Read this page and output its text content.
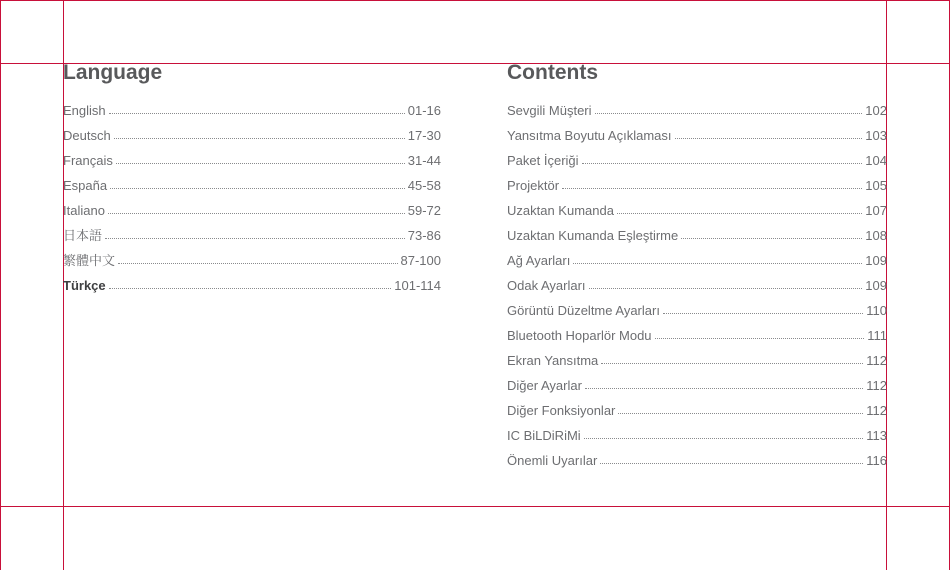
Language
English	01-16
Deutsch	17-30
Français	31-44
España	45-58
Italiano	59-72
日本語	73-86
繁體中文	87-100
Türkçe	101-114
Contents
Sevgili Müşteri	102
Yansıtma Boyutu Açıklaması	103
Paket İçeriği	104
Projektör	105
Uzaktan Kumanda	107
Uzaktan Kumanda Eşleştirme	108
Ağ Ayarları	109
Odak Ayarları	109
Görüntü Düzeltme Ayarları	110
Bluetooth Hoparlör Modu	111
Ekran Yansıtma	112
Diğer Ayarlar	112
Diğer Fonksiyonlar	112
IC BiLDiRiMi	113
Önemli Uyarılar	116
